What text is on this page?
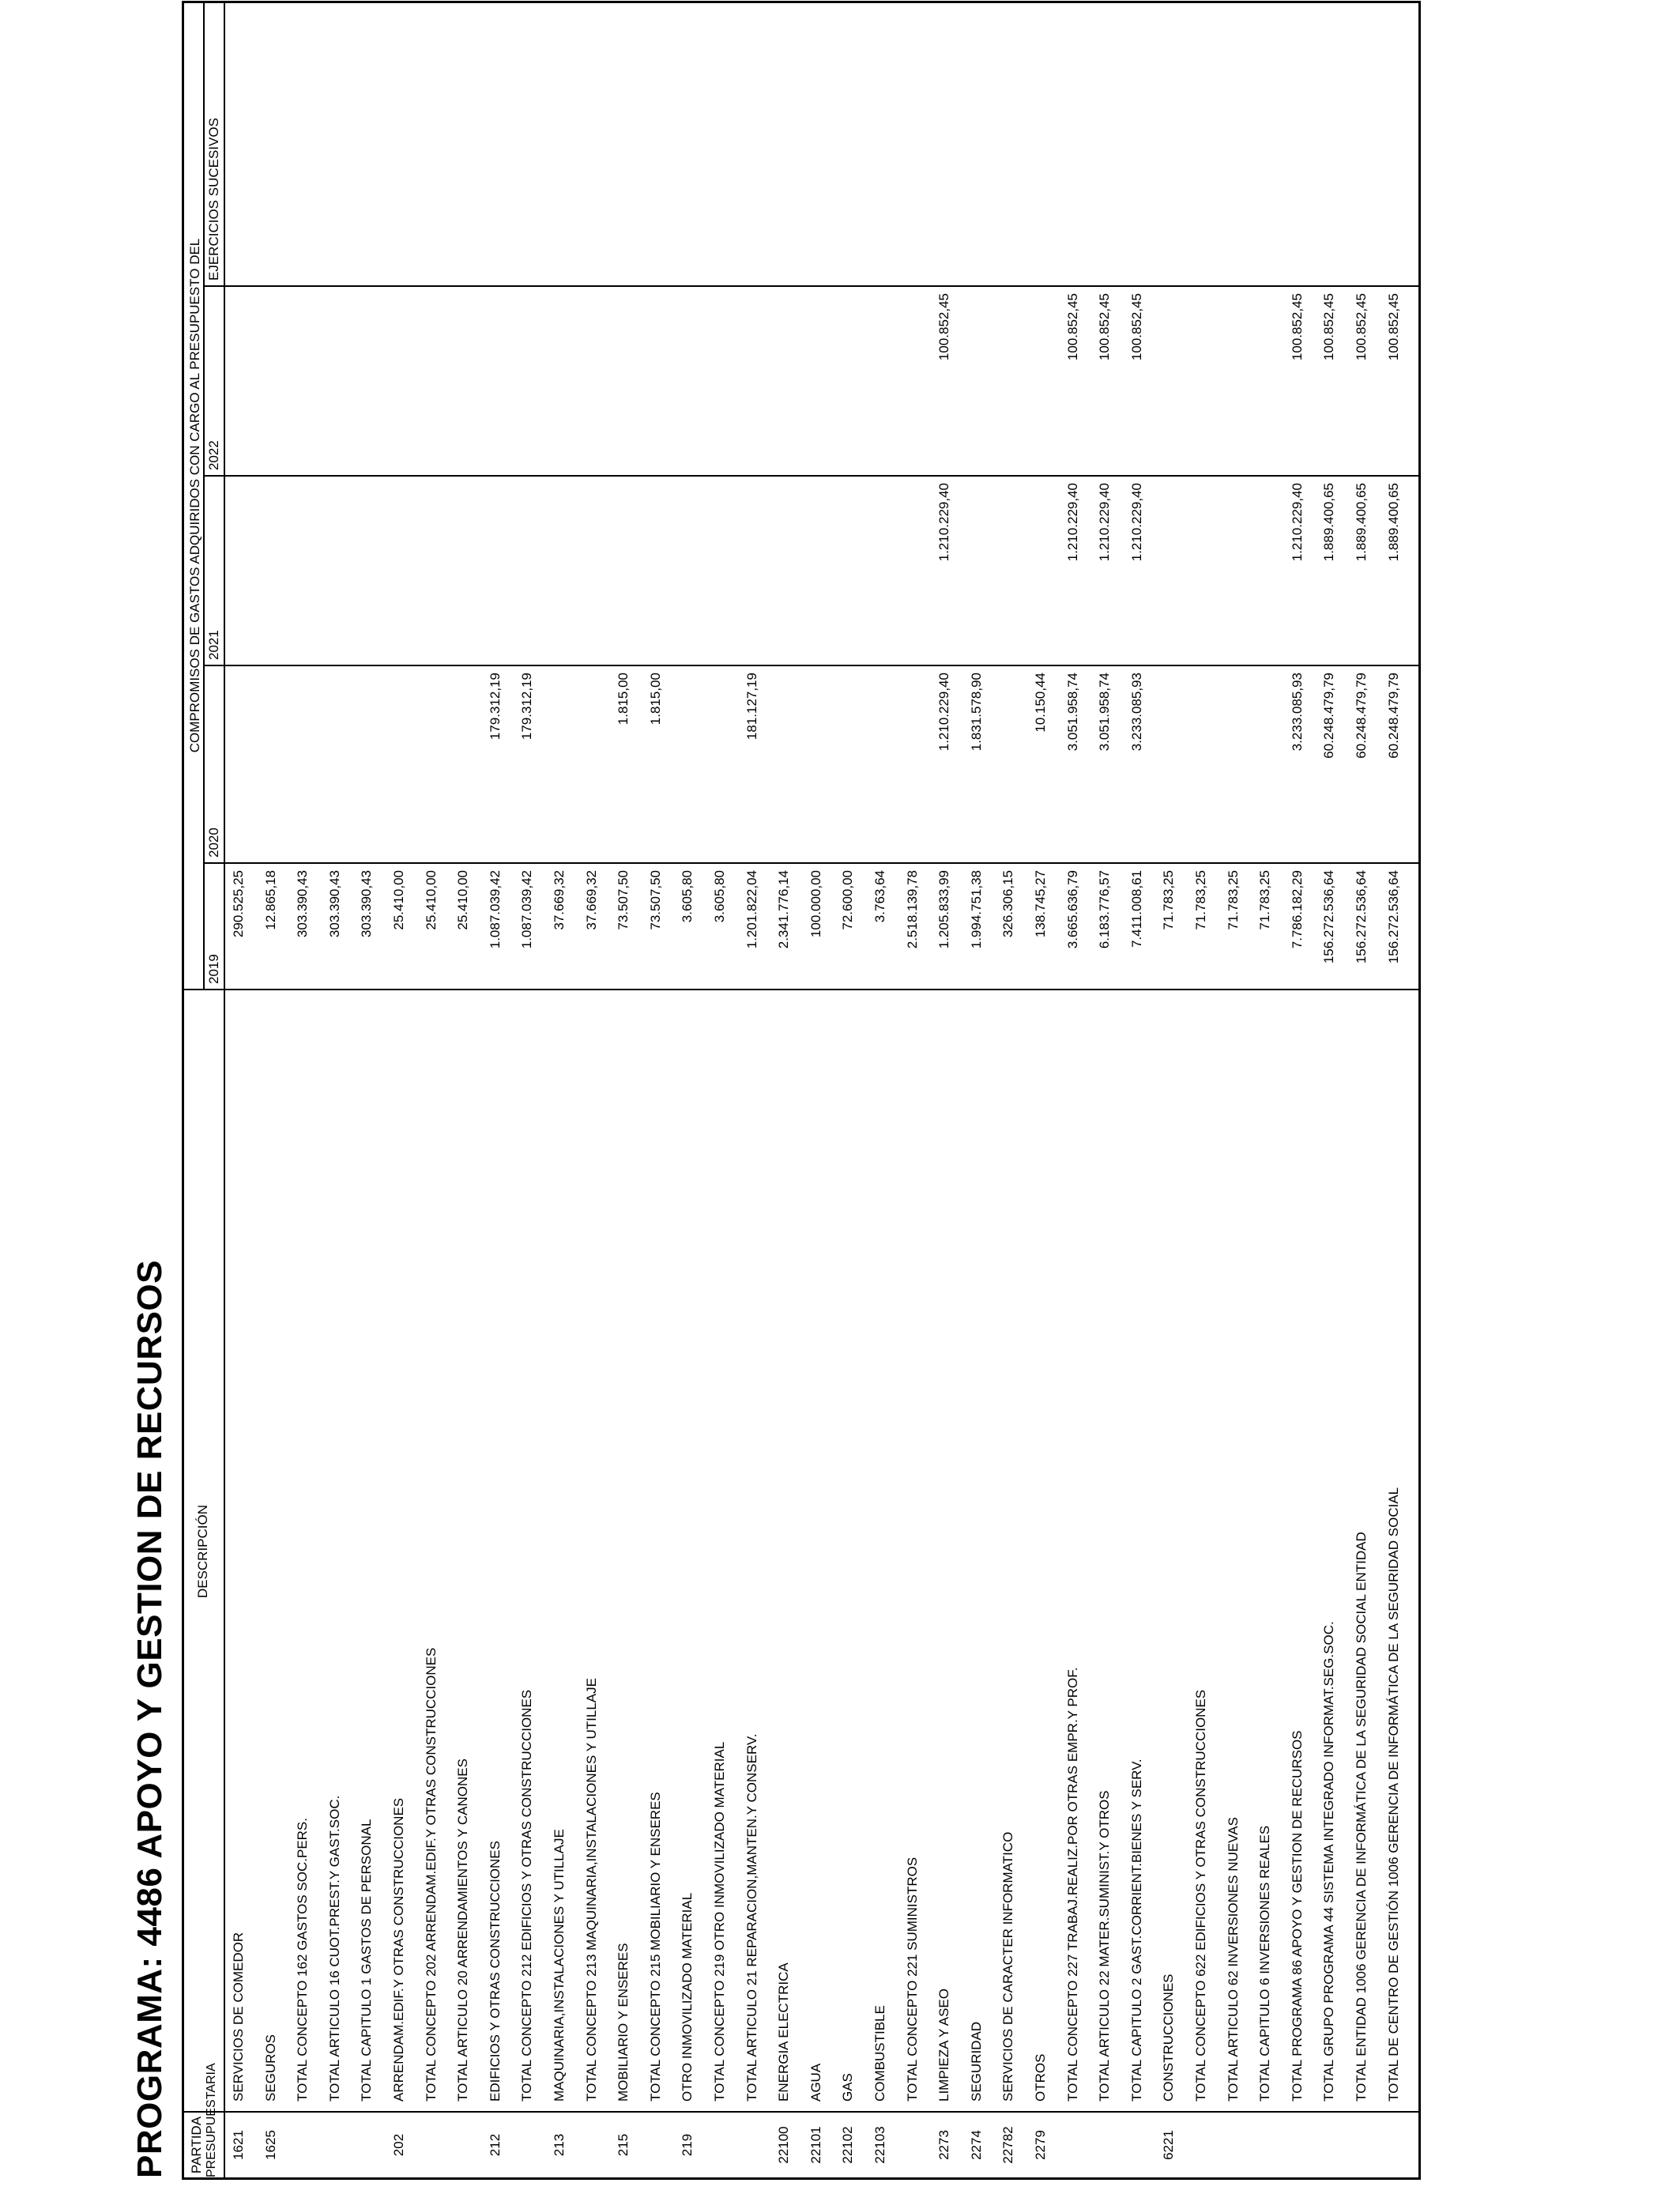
PROGRAMA: 4486 APOYO Y GESTION DE RECURSOS PARTIDA PRESUPUESTARIA
DESCRIPCIÓN
COMPROMISOS DE GASTOS ADQUIRIDOS CON CARGO AL PRESUPUESTO DEL
2019
2020
2021
2022
EJERCICIOS SUCESIVOS
1621
SERVICIOS DE COMEDOR
290.525,25
1625
SEGUROS
12.865,18
TOTAL CONCEPTO 162 GASTOS SOC.PERS.
303.390,43
TOTAL ARTICULO 16 CUOT.PREST.Y GAST.SOC.
303.390,43
TOTAL CAPITULO 1 GASTOS DE PERSONAL
303.390,43
202
ARRENDAM.EDIF.Y OTRAS CONSTRUCCIONES
25.410,00
TOTAL CONCEPTO 202 ARRENDAM.EDIF.Y OTRAS CONSTRUCCIONES
25.410,00
TOTAL ARTICULO 20 ARRENDAMIENTOS Y CANONES
25.410,00
212
EDIFICIOS Y OTRAS CONSTRUCCIONES
1.087.039,42
179.312,19
TOTAL CONCEPTO 212 EDIFICIOS Y OTRAS CONSTRUCCIONES
1.087.039,42
179.312,19
213
MAQUINARIA,INSTALACIONES Y UTILLAJE
37.669,32
TOTAL CONCEPTO 213 MAQUINARIA,INSTALACIONES Y UTILLAJE
37.669,32
215
MOBILIARIO Y ENSERES
73.507,50
1.815,00
TOTAL CONCEPTO 215 MOBILIARIO Y ENSERES
73.507,50
1.815,00
219
OTRO INMOVILIZADO MATERIAL
3.605,80
TOTAL CONCEPTO 219 OTRO INMOVILIZADO MATERIAL
3.605,80
TOTAL ARTICULO 21 REPARACION,MANTEN.Y CONSERV.
1.201.822,04
181.127,19
22100
ENERGIA ELECTRICA
2.341.776,14
22101
AGUA
100.000,00
22102
GAS
72.600,00
22103
COMBUSTIBLE
3.763,64
TOTAL CONCEPTO 221 SUMINISTROS
2.518.139,78
2273
LIMPIEZA Y ASEO
1.205.833,99
1.210.229,40
1.210.229,40
100.852,45
2274
SEGURIDAD
1.994.751,38
1.831.578,90
22782
SERVICIOS DE CARACTER INFORMATICO
326.306,15
2279
OTROS
138.745,27
10.150,44
TOTAL CONCEPTO 227 TRABAJ.REALIZ.POR OTRAS EMPR.Y PROF.
3.665.636,79
3.051.958,74
1.210.229,40
100.852,45
TOTAL ARTICULO 22 MATER.SUMINIST.Y OTROS
6.183.776,57
3.051.958,74
1.210.229,40
100.852,45
TOTAL CAPITULO 2 GAST.CORRIENT.BIENES Y SERV.
7.411.008,61
3.233.085,93
1.210.229,40
100.852,45
6221
CONSTRUCCIONES
71.783,25
TOTAL CONCEPTO 622 EDIFICIOS Y OTRAS CONSTRUCCIONES
71.783,25
TOTAL ARTICULO 62 INVERSIONES NUEVAS
71.783,25
TOTAL CAPITULO 6 INVERSIONES REALES
71.783,25
TOTAL PROGRAMA 86 APOYO Y GESTION DE RECURSOS
7.786.182,29
3.233.085,93
1.210.229,40
100.852,45
TOTAL GRUPO PROGRAMA 44 SISTEMA INTEGRADO INFORMAT.SEG.SOC.
156.272.536,64
60.248.479,79
1.889.400,65
100.852,45
TOTAL ENTIDAD 1006 GERENCIA DE INFORMÁTICA DE LA SEGURIDAD SOCIAL ENTIDAD
156.272.536,64
60.248.479,79
1.889.400,65
100.852,45
TOTAL DE CENTRO DE GESTIÓN 1006 GERENCIA DE INFORMÁTICA DE LA SEGURIDAD SOCIAL
156.272.536,64
60.248.479,79
1.889.400,65
100.852,45
